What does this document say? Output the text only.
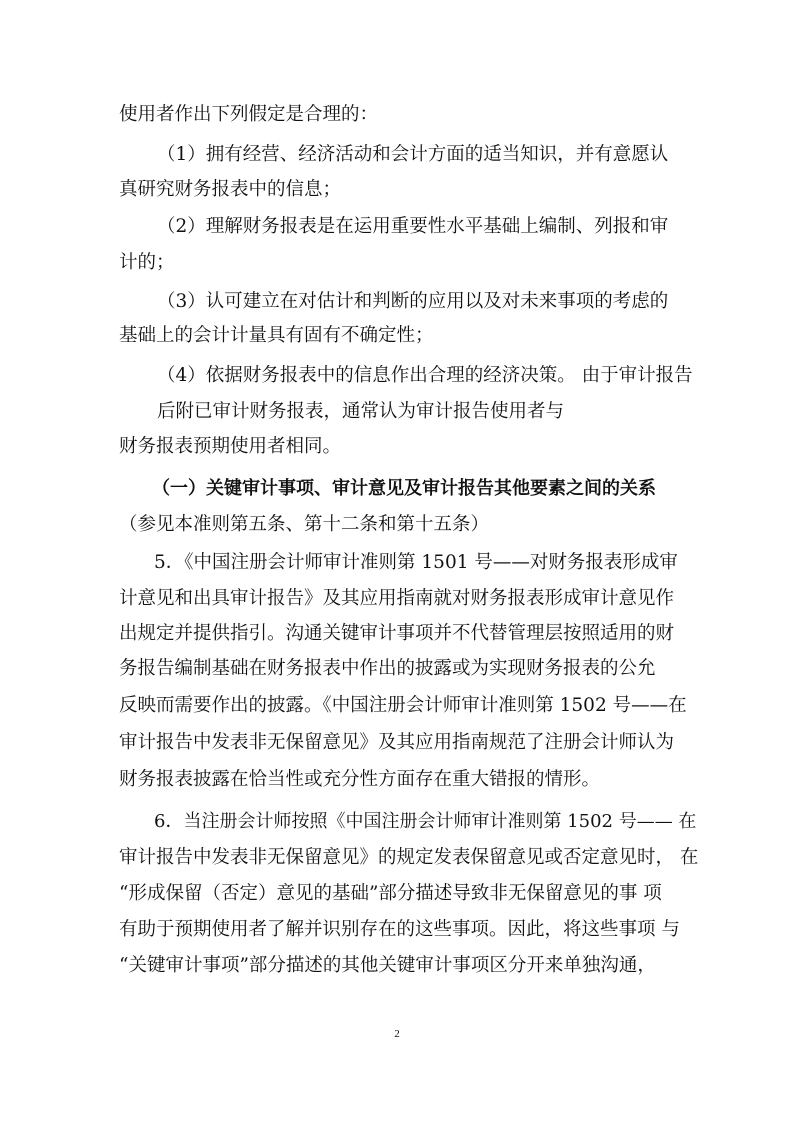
使用者作出下列假定是合理的：
（1）拥有经营、经济活动和会计方面的适当知识，并有意愿认
真研究财务报表中的信息；
（2）理解财务报表是在运用重要性水平基础上编制、列报和审
计的；
（3）认可建立在对估计和判断的应用以及对未来事项的考虑的
基础上的会计计量具有固有不确定性；
（4）依据财务报表中的信息作出合理的经济决策。 由于审计报告
后附已审计财务报表，通常认为审计报告使用者与
财务报表预期使用者相同。
（一）关键审计事项、审计意见及审计报告其他要素之间的关系
（参见本准则第五条、第十二条和第十五条）
5．《中国注册会计师审计准则第 1501 号——对财务报表形成审
计意见和出具审计报告》及其应用指南就对财务报表形成审计意见作
出规定并提供指引。沟通关键审计事项并不代替管理层按照适用的财
务报告编制基础在财务报表中作出的披露或为实现财务报表的公允
反映而需要作出的披露。《中国注册会计师审计准则第 1502 号——在
审计报告中发表非无保留意见》及其应用指南规范了注册会计师认为
财务报表披露在恰当性或充分性方面存在重大错报的情形。
6．当注册会计师按照《中国注册会计师审计准则第 1502 号—— 在
审计报告中发表非无保留意见》的规定发表保留意见或否定意见时， 在
“形成保留（否定）意见的基础”部分描述导致非无保留意见的事 项
有助于预期使用者了解并识别存在的这些事项。因此，将这些事项 与
“关键审计事项”部分描述的其他关键审计事项区分开来单独沟通，
2
